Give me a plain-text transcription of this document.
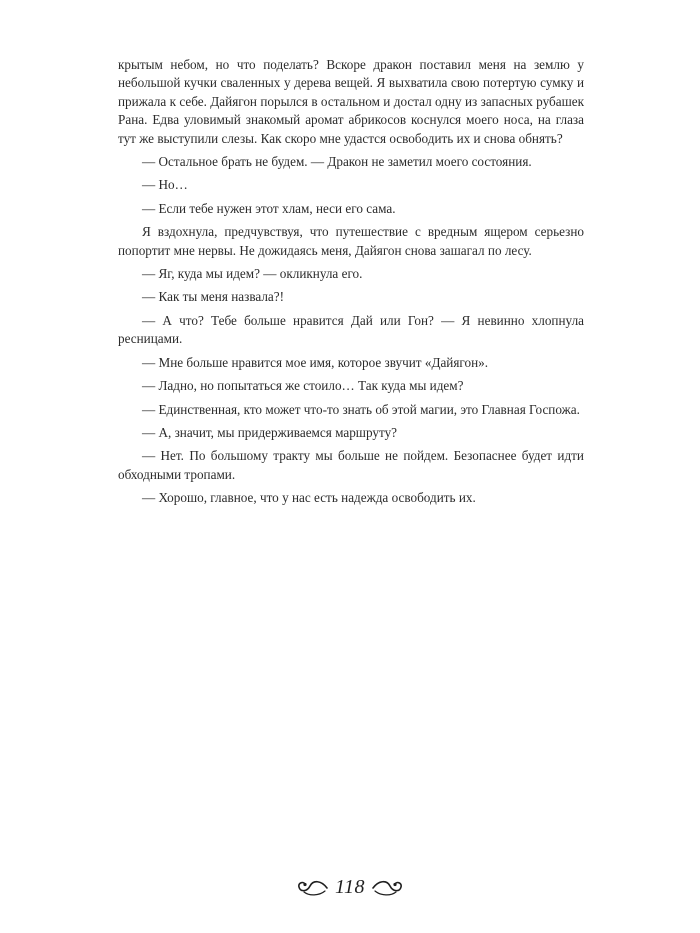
крытым небом, но что поделать? Вскоре дракон поставил меня на землю у небольшой кучки сваленных у дерева вещей. Я выхватила свою потертую сумку и прижала к себе. Дайягон порылся в остальном и достал одну из запасных рубашек Рана. Едва уловимый знакомый аромат абрикосов коснулся моего носа, на глаза тут же выступили слезы. Как скоро мне удастся освободить их и снова обнять?

— Остальное брать не будем. — Дракон не заметил моего состояния.

— Но…

— Если тебе нужен этот хлам, неси его сама.

Я вздохнула, предчувствуя, что путешествие с вредным ящером серьезно попортит мне нервы. Не дожидаясь меня, Дайягон снова зашагал по лесу.

— Яг, куда мы идем? — окликнула его.

— Как ты меня назвала?!

— А что? Тебе больше нравится Дай или Гон? — Я невинно хлопнула ресницами.

— Мне больше нравится мое имя, которое звучит «Дайягон».

— Ладно, но попытаться же стоило… Так куда мы идем?

— Единственная, кто может что-то знать об этой магии, это Главная Госпожа.

— А, значит, мы придерживаемся маршруту?

— Нет. По большому тракту мы больше не пойдем. Безопаснее будет идти обходными тропами.

— Хорошо, главное, что у нас есть надежда освободить их.

118
